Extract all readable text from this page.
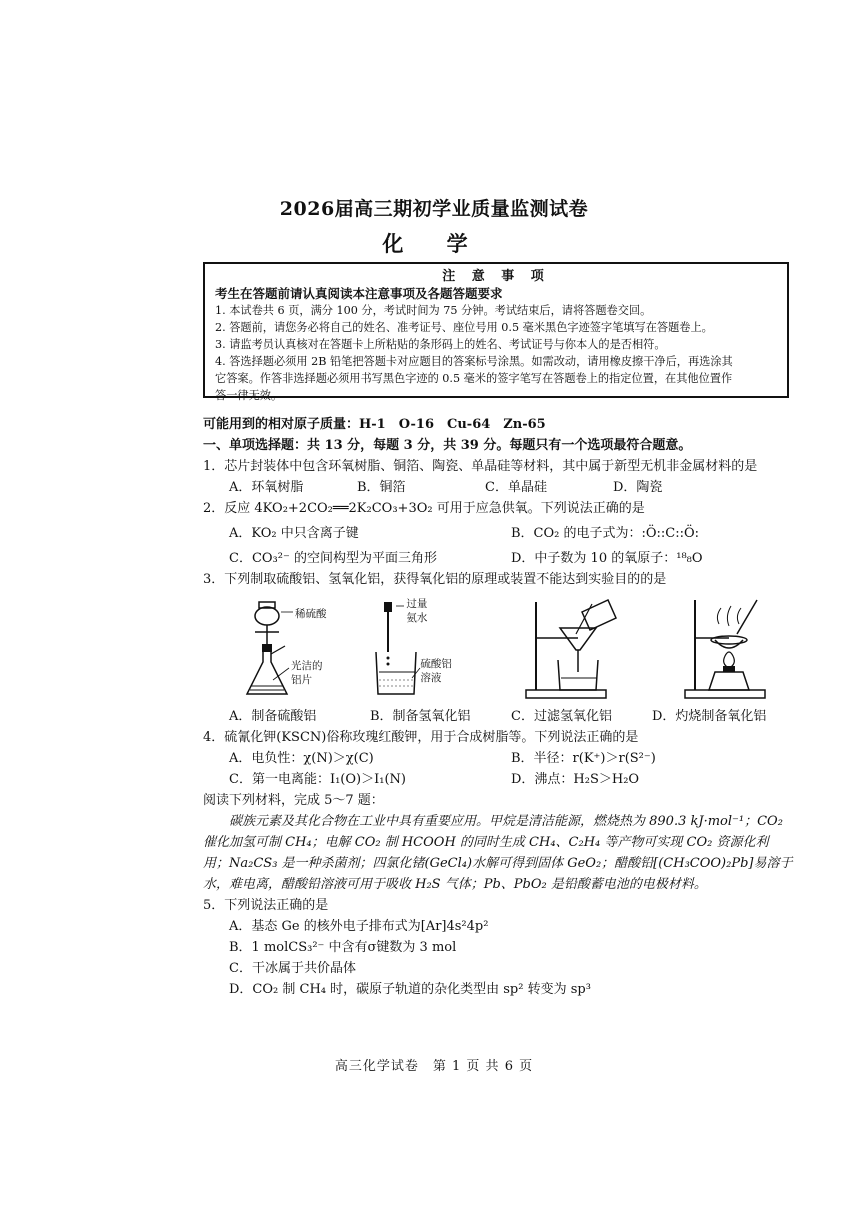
2026届高三期初学业质量监测试卷
化 学

注 意 事 项

考生在答题前请认真阅读本注意事项及各题答题要求

1. 本试卷共 6 页，满分 100 分，考试时间为 75 分钟。考试结束后，请将答题卷交回。

2. 答题前，请您务必将自己的姓名、准考证号、座位号用 0.5 毫米黑色字迹签字笔填写在答题卷上。

3. 请监考员认真核对在答题卡上所粘贴的条形码上的姓名、考试证号与你本人的是否相符。

4. 答选择题必须用 2B 铅笔把答题卡对应题目的答案标号涂黑。如需改动，请用橡皮擦干净后，再选涂其

它答案。作答非选择题必须用书写黑色字迹的 0.5 毫米的签字笔写在答题卷上的指定位置，在其他位置作

答一律无效。

可能用到的相对原子质量：H-1　O-16　Cu-64　Zn-65

一、单项选择题：共 13 分，每题 3 分，共 39 分。每题只有一个选项最符合题意。

1．芯片封装体中包含环氧树脂、铜箔、陶瓷、单晶硅等材料，其中属于新型无机非金属材料的是

A．环氧树脂	B．铜箔	C．单晶硅	D．陶瓷

2．反应 4KO₂+2CO₂══2K₂CO₃+3O₂ 可用于应急供氧。下列说法正确的是

A．KO₂ 中只含离子键	B．CO₂ 的电子式为：:Ö::C::Ö:
C．CO₃²⁻ 的空间构型为平面三角形	D．中子数为 10 的氧原子：¹⁸₈O

3．下列制取硫酸铝、氢氧化铝，获得氧化铝的原理或装置不能达到实验目的的是

稀硫酸
光洁的
铝片
过量
氨水
硫酸铝
溶液
A．制备硫酸铝	B．制备氢氧化铝	C．过滤氢氧化铝	D．灼烧制备氧化铝

4．硫氰化钾(KSCN)俗称玫瑰红酸钾，用于合成树脂等。下列说法正确的是

A．电负性：χ(N)＞χ(C)	B．半径：r(K⁺)＞r(S²⁻)
C．第一电离能：I₁(O)＞I₁(N)	D．沸点：H₂S＞H₂O

阅读下列材料，完成 5～7 题：

碳族元素及其化合物在工业中具有重要应用。甲烷是清洁能源，燃烧热为 890.3 kJ·mol⁻¹；CO₂ 催化加氢可制 CH₄；电解 CO₂ 制 HCOOH 的同时生成 CH₄、C₂H₄ 等产物可实现 CO₂ 资源化利用；Na₂CS₃ 是一种杀菌剂；四氯化锗(GeCl₄)水解可得到固体 GeO₂；醋酸铅[(CH₃COO)₂Pb]易溶于水，难电离，醋酸铅溶液可用于吸收 H₂S 气体；Pb、PbO₂ 是铅酸蓄电池的电极材料。

5．下列说法正确的是

A．基态 Ge 的核外电子排布式为[Ar]4s²4p²

B．1 molCS₃²⁻ 中含有σ键数为 3 mol

C．干冰属于共价晶体

D．CO₂ 制 CH₄ 时，碳原子轨道的杂化类型由 sp² 转变为 sp³

高三化学试卷　第 1 页 共 6 页
